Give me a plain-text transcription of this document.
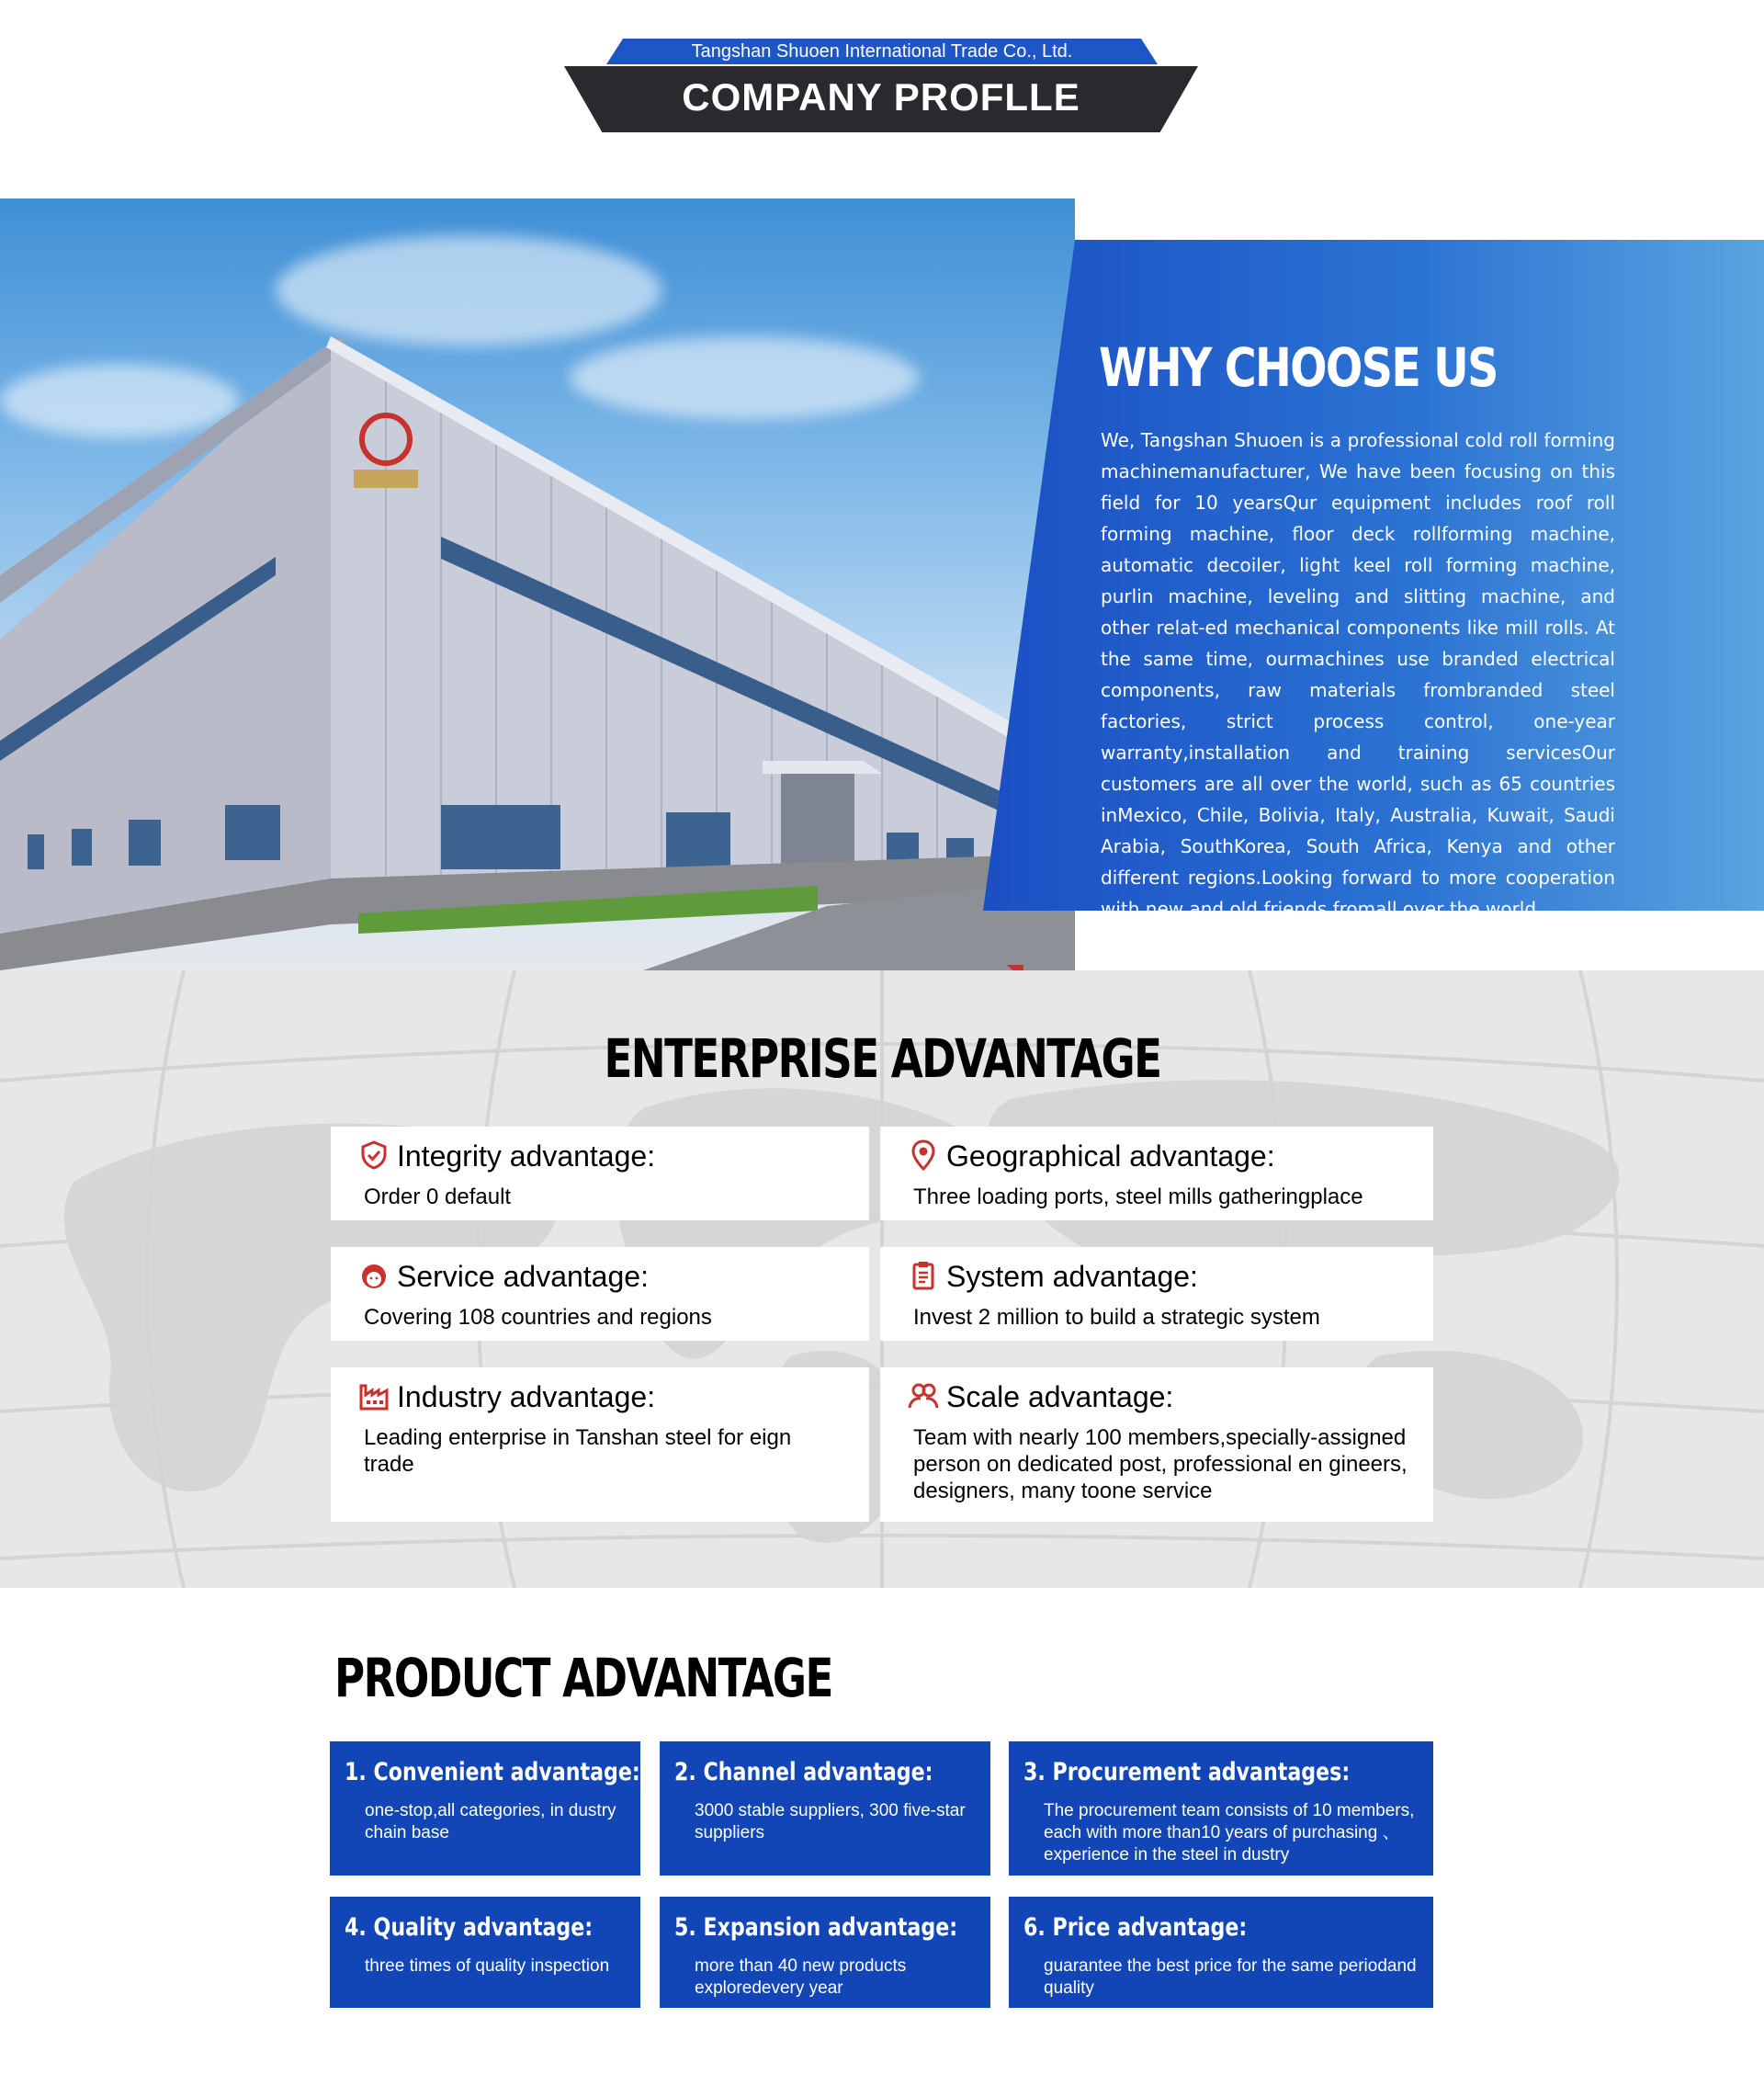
Tangshan Shuoen International Trade Co., Ltd.
COMPANY PROFLLE
WHY CHOOSE US
We, Tangshan Shuoen is a professional cold roll forming machinemanufacturer, We have been focusing on this field for 10 yearsQur equipment includes roof roll forming machine, floor deck rollforming machine, automatic decoiler, light keel roll forming machine, purlin machine, leveling and slitting machine, and other relat-ed mechanical components like mill rolls. At the same time, ourmachines use branded electrical components, raw materials frombranded steel factories, strict process control, one-year warranty,installation and training servicesOur customers are all over the world, such as 65 countries inMexico, Chile, Bolivia, Italy, Australia, Kuwait, Saudi Arabia, SouthKorea, South Africa, Kenya and other different regions.Looking forward to more cooperation with new and old friends fromall over the world.
ENTERPRISE ADVANTAGE
Integrity advantage:
Order 0 default
Geographical advantage:
Three loading ports, steel mills gatheringplace
Service advantage:
Covering 108 countries and regions
System advantage:
Invest 2 million to build a strategic system
Industry advantage:
Leading enterprise in Tanshan steel for eign trade
Scale advantage:
Team with nearly 100 members,specially-assigned person on dedicated post, professional en gineers, designers, many toone service
PRODUCT ADVANTAGE
1. Convenient advantage:
one-stop,all categories, in dustry chain base
2. Channel advantage:
3000 stable suppliers, 300 five-star suppliers
3. Procurement advantages:
The procurement team consists of 10 members, each with more than10 years of purchasing 、 experience in the steel in dustry
4. Quality advantage:
three times of quality inspection
5. Expansion advantage:
more than 40 new products exploredevery year
6. Price advantage:
guarantee the best price for the same periodand quality
